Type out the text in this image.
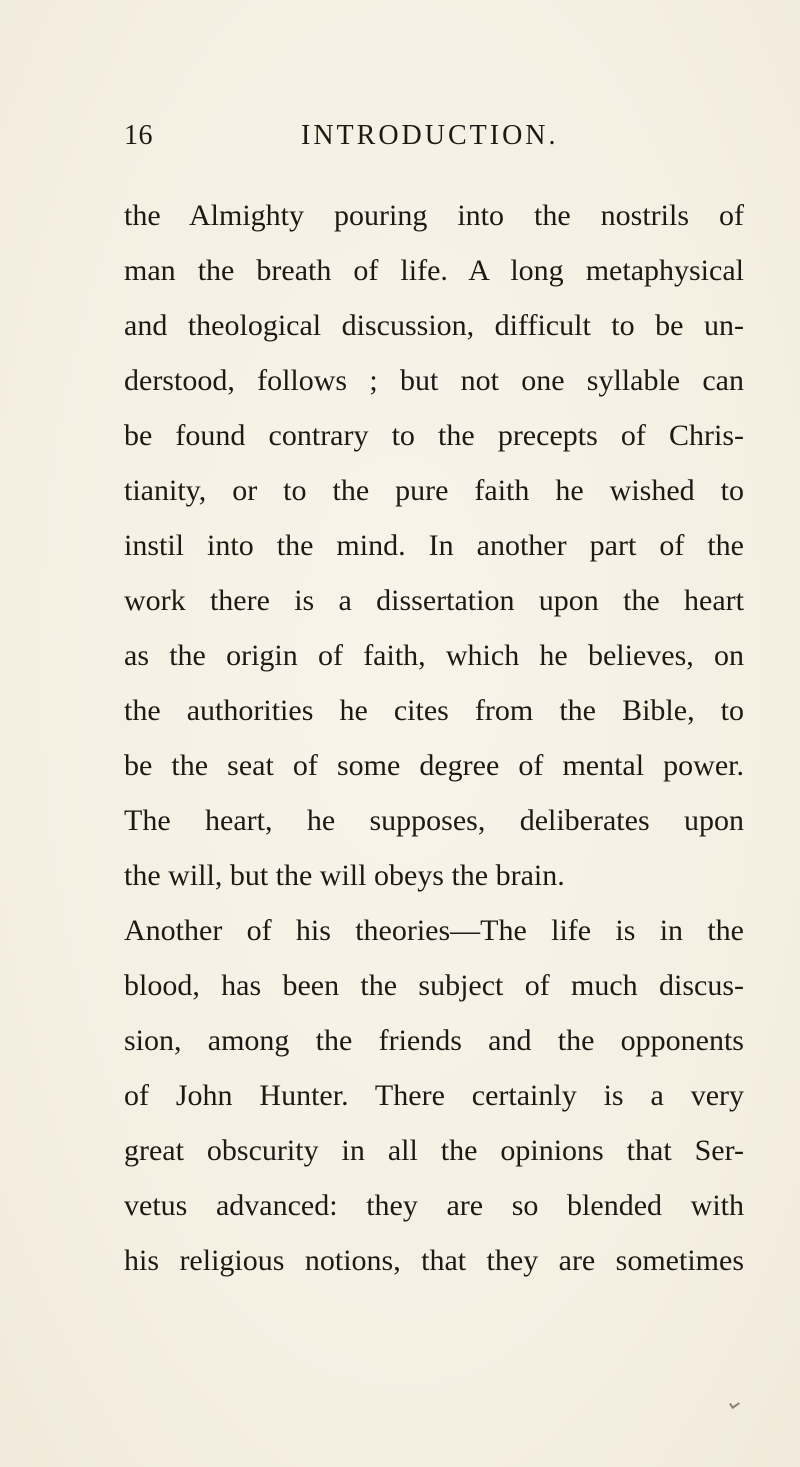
16	INTRODUCTION.
the Almighty pouring into the nostrils of
man the breath of life. A long metaphysical
and theological discussion, difficult to be un-
derstood, follows ; but not one syllable can
be found contrary to the precepts of Chris-
tianity, or to the pure faith he wished to
instil into the mind. In another part of the
work there is a dissertation upon the heart
as the origin of faith, which he believes, on
the authorities he cites from the Bible, to
be the seat of some degree of mental power.
The heart, he supposes, deliberates upon
the will, but the will obeys the brain.
Another of his theories—The life is in the
blood, has been the subject of much discus-
sion, among the friends and the opponents
of John Hunter. There certainly is a very
great obscurity in all the opinions that Ser-
vetus advanced: they are so blended with
his religious notions, that they are sometimes
